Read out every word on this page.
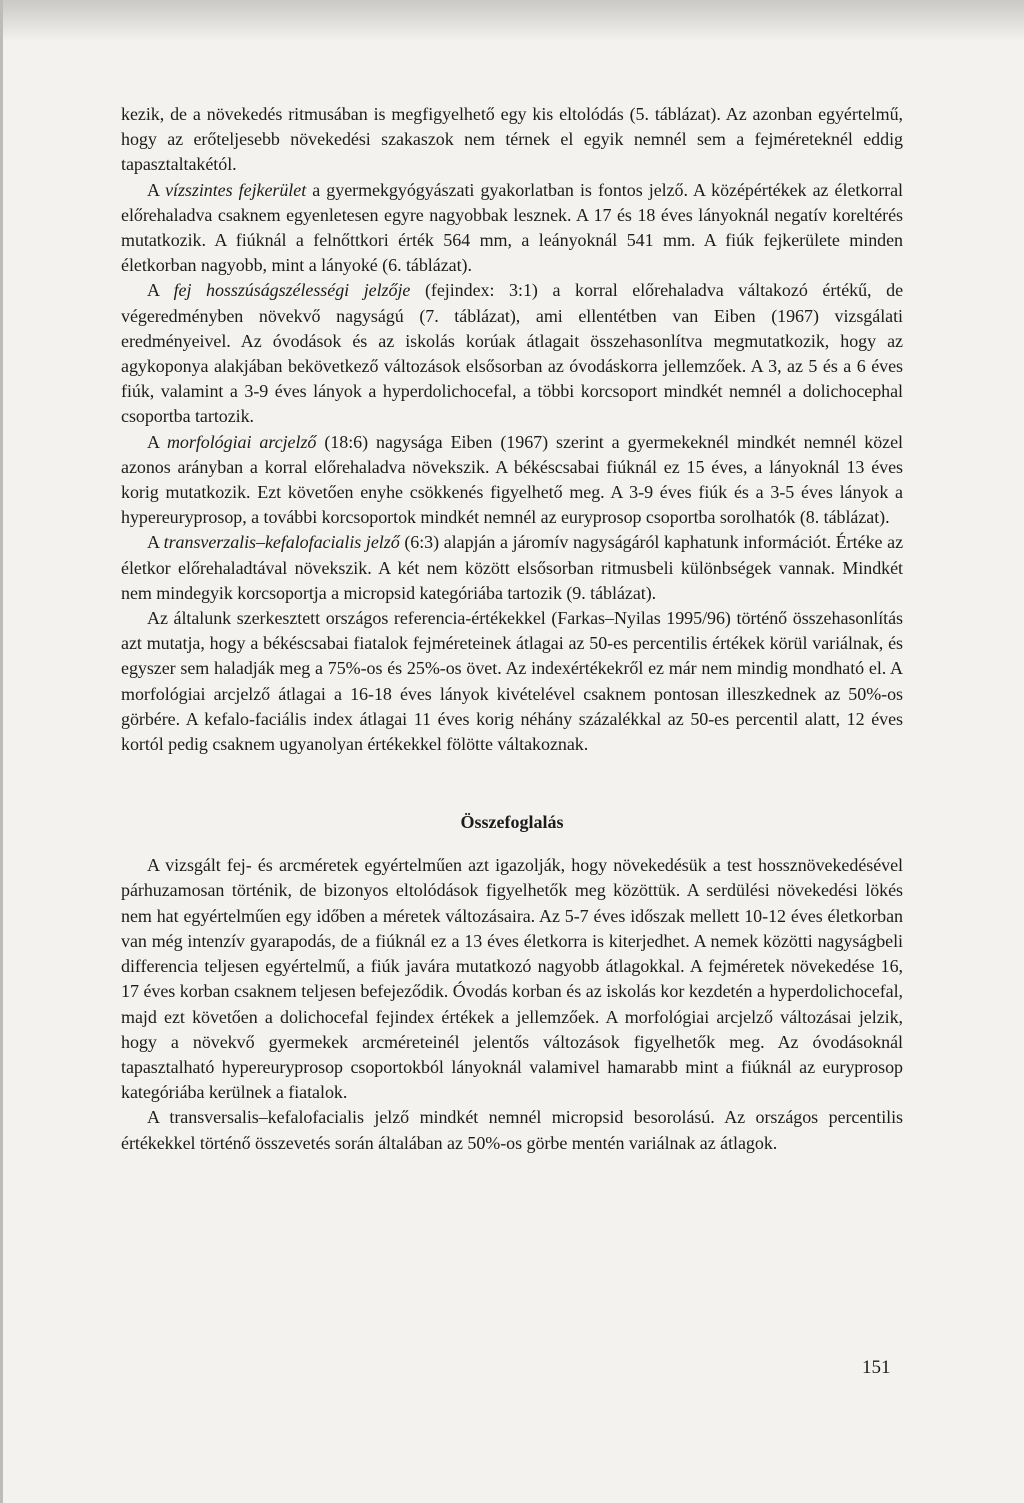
kezik, de a növekedés ritmusában is megfigyelhető egy kis eltolódás (5. táblázat). Az azonban egyértelmű, hogy az erőteljesebb növekedési szakaszok nem térnek el egyik nemnél sem a fejméreteknél eddig tapasztaltakétól.

A vízszintes fejkerület a gyermekgyógyászati gyakorlatban is fontos jelző. A középértékek az életkorral előrehaladva csaknem egyenletesen egyre nagyobbak lesznek. A 17 és 18 éves lányoknál negatív koreltérés mutatkozik. A fiúknál a felnőttkori érték 564 mm, a leányoknál 541 mm. A fiúk fejkerülete minden életkorban nagyobb, mint a lányoké (6. táblázat).

A fej hosszúságszélességi jelzője (fejindex: 3:1) a korral előrehaladva váltakozó értékű, de végeredményben növekvő nagyságú (7. táblázat), ami ellentétben van Eiben (1967) vizsgálati eredményeivel. Az óvodások és az iskolás korúak átlagait összehasonlítva megmutatkozik, hogy az agykoponya alakjában bekövetkező változások elsősorban az óvodáskorra jellemzőek. A 3, az 5 és a 6 éves fiúk, valamint a 3-9 éves lányok a hyperdolichocefal, a többi korcsoport mindkét nemnél a dolichocephal csoportba tartozik.

A morfológiai arcjelző (18:6) nagysága Eiben (1967) szerint a gyermekeknél mindkét nemnél közel azonos arányban a korral előrehaladva növekszik. A békéscsabai fiúknál ez 15 éves, a lányoknál 13 éves korig mutatkozik. Ezt követően enyhe csökkenés figyelhető meg. A 3-9 éves fiúk és a 3-5 éves lányok a hypereuryprosop, a további korcsoportok mindkét nemnél az euryprosop csoportba sorolhatók (8. táblázat).

A transverzalis–kefalofacialis jelző (6:3) alapján a járomív nagyságáról kaphatunk információt. Értéke az életkor előrehaladtával növekszik. A két nem között elsősorban ritmusbeli különbségek vannak. Mindkét nem mindegyik korcsoportja a micropsid kategóriába tartozik (9. táblázat).

Az általunk szerkesztett országos referencia-értékekkel (Farkas–Nyilas 1995/96) történő összehasonlítás azt mutatja, hogy a békéscsabai fiatalok fejméreteinek átlagai az 50-es percentilis értékek körül variálnak, és egyszer sem haladják meg a 75%-os és 25%-os övet. Az indexértékekről ez már nem mindig mondható el. A morfológiai arcjelző átlagai a 16-18 éves lányok kivételével csaknem pontosan illeszkednek az 50%-os görbére. A kefalo-faciális index átlagai 11 éves korig néhány százalékkal az 50-es percentil alatt, 12 éves kortól pedig csaknem ugyanolyan értékekkel fölötte váltakoznak.

Összefoglalás

A vizsgált fej- és arcméretek egyértelműen azt igazolják, hogy növekedésük a test hossznövekedésével párhuzamosan történik, de bizonyos eltolódások figyelhetők meg közöttük. A serdülési növekedési lökés nem hat egyértelműen egy időben a méretek változásaira. Az 5-7 éves időszak mellett 10-12 éves életkorban van még intenzív gyarapodás, de a fiúknál ez a 13 éves életkorra is kiterjedhet. A nemek közötti nagyságbeli differencia teljesen egyértelmű, a fiúk javára mutatkozó nagyobb átlagokkal. A fejméretek növekedése 16, 17 éves korban csaknem teljesen befejeződik. Óvodás korban és az iskolás kor kezdetén a hyperdolichocefal, majd ezt követően a dolichocefal fejindex értékek a jellemzőek. A morfológiai arcjelző változásai jelzik, hogy a növekvő gyermekek arcméreteinél jelentős változások figyelhetők meg. Az óvodásoknál tapasztalható hypereuryprosop csoportokból lányoknál valamivel hamarabb mint a fiúknál az euryprosop kategóriába kerülnek a fiatalok.

A transversalis–kefalofacialis jelző mindkét nemnél micropsid besorolású. Az országos percentilis értékekkel történő összevetés során általában az 50%-os görbe mentén variálnak az átlagok.

151
